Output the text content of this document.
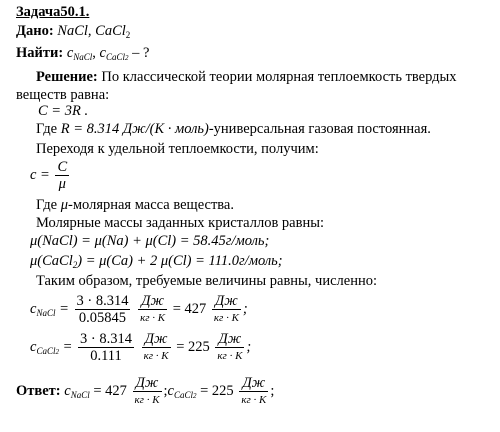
Задача50.1.
Дано: NaCl, CaCl$_2$
Найти: $c_{NaCl}$, $c_{CaCl2}$ – ?
Решение: По классической теории молярная теплоемкость твердых
веществ равна:
C = 3R .
Где R = 8.314 Дж/(К · моль)-универсальная газовая постоянная.
Переходя к удельной теплоемкости, получим:
$c = \frac{C}{\mu}$
Где μ-молярная масса вещества.
Молярные массы заданных кристаллов равны:
μ(NaCl) = μ(Na) + μ(Cl) = 58.45г/моль;
μ(CaCl$_2$) = μ(Ca) + 2 μ(Cl) = 111.0г/моль;
Таким образом, требуемые величины равны, численно:
$c_{NaCl} = \frac{3 \cdot 8.314}{0.05845}$
$\frac{Дж}{кг \cdot К} = 427 \frac{Дж}{кг \cdot К}$ ;
$c_{CaCl2} = \frac{3 \cdot 8.314}{0.111}$
$\frac{Дж}{кг \cdot К} = 225 \frac{Дж}{кг \cdot К}$ ;
Ответ: $c_{NaCl} = 427 \frac{Дж}{кг \cdot К}$ $;c_{CaCl2} = 225 \frac{Дж}{кг \cdot К}$ ;
